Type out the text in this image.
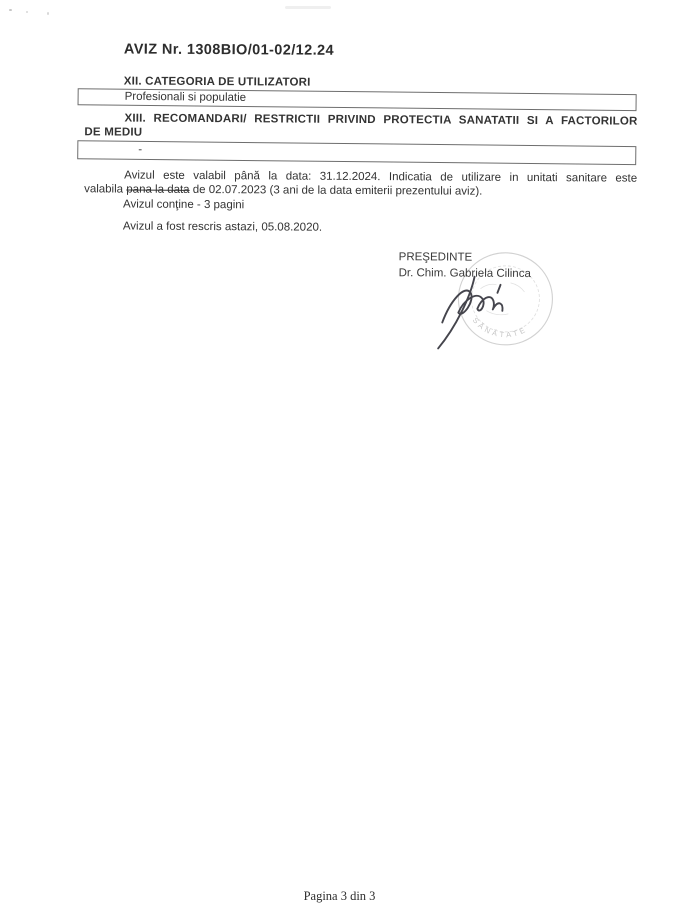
AVIZ Nr. 1308BIO/01-02/12.24
XII. CATEGORIA DE UTILIZATORI
Profesionali si populatie
XIII. RECOMANDARI/ RESTRICTII PRIVIND PROTECTIA SANATATII SI A FACTORILOR
DE MEDIU
-
Avizul este valabil până la data: 31.12.2024. Indicatia de utilizare in unitati sanitare este
valabila pana la data de 02.07.2023 (3 ani de la data emiterii prezentului aviz).
Avizul conţine - 3 pagini
Avizul a fost rescris astazi, 05.08.2020.
SĂNĂTATE
PREŞEDINTE
Dr. Chim. Gabriela Cilinca
Pagina 3 din 3
